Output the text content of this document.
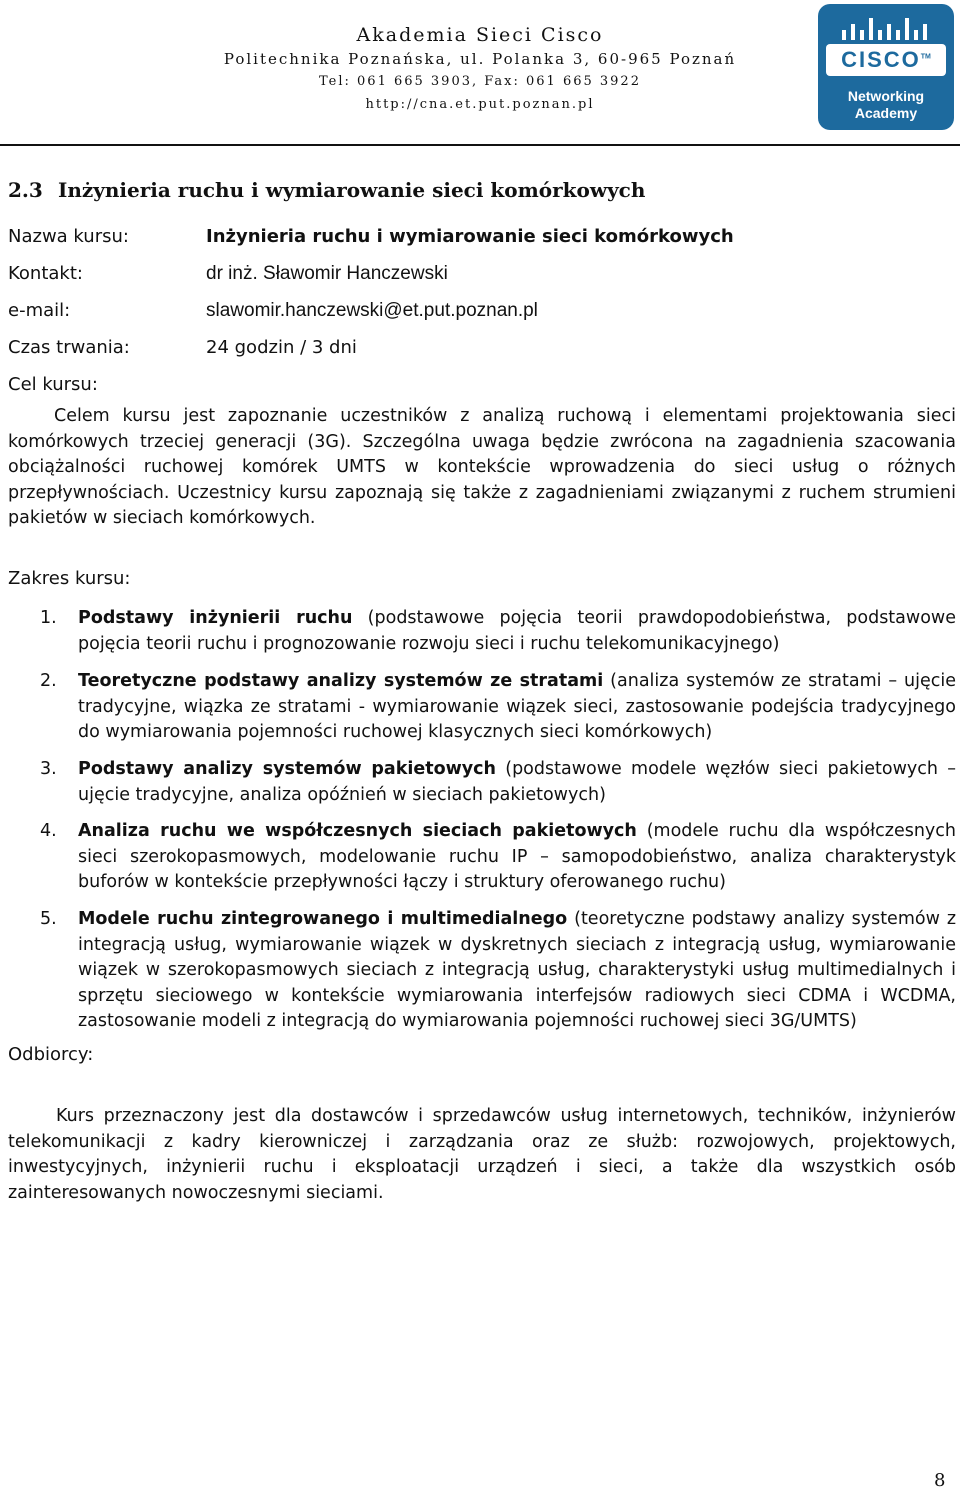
Akademia Sieci Cisco
Politechnika Poznańska, ul. Polanka 3, 60-965 Poznań
Tel: 061 665 3903, Fax: 061 665 3922
http://cna.et.put.poznan.pl
CISCO™
Networking
Academy
2.3 Inżynieria ruchu i wymiarowanie sieci komórkowych
Nazwa kursu:	Inżynieria ruchu i wymiarowanie sieci komórkowych
Kontakt:	dr inż. Sławomir Hanczewski
e-mail:	slawomir.hanczewski@et.put.poznan.pl
Czas trwania:	24 godzin / 3 dni
Cel kursu:
Celem kursu jest zapoznanie uczestników z analizą ruchową i elementami projektowania sieci komórkowych trzeciej generacji (3G). Szczególna uwaga będzie zwrócona na zagadnienia szacowania obciążalności ruchowej komórek UMTS w kontekście wprowadzenia do sieci usług o różnych przepływnościach. Uczestnicy kursu zapoznają się także z zagadnieniami związanymi z ruchem strumieni pakietów w sieciach komórkowych.
Zakres kursu:
1. Podstawy inżynierii ruchu (podstawowe pojęcia teorii prawdopodobieństwa, podstawowe pojęcia teorii ruchu i prognozowanie rozwoju sieci i ruchu telekomunikacyjnego)
2. Teoretyczne podstawy analizy systemów ze stratami (analiza systemów ze stratami – ujęcie tradycyjne, wiązka ze stratami - wymiarowanie wiązek sieci, zastosowanie podejścia tradycyjnego do wymiarowania pojemności ruchowej klasycznych sieci komórkowych)
3. Podstawy analizy systemów pakietowych (podstawowe modele węzłów sieci pakietowych – ujęcie tradycyjne, analiza opóźnień w sieciach pakietowych)
4. Analiza ruchu we współczesnych sieciach pakietowych (modele ruchu dla współczesnych sieci szerokopasmowych, modelowanie ruchu IP – samopodobieństwo, analiza charakterystyk buforów w kontekście przepływności łączy i struktury oferowanego ruchu)
5. Modele ruchu zintegrowanego i multimedialnego (teoretyczne podstawy analizy systemów z integracją usług, wymiarowanie wiązek w dyskretnych sieciach z integracją usług, wymiarowanie wiązek w szerokopasmowych sieciach z integracją usług, charakterystyki usług multimedialnych i sprzętu sieciowego w kontekście wymiarowania interfejsów radiowych sieci CDMA i WCDMA, zastosowanie modeli z integracją do wymiarowania pojemności ruchowej sieci 3G/UMTS)
Odbiorcy:
Kurs przeznaczony jest dla dostawców i sprzedawców usług internetowych, techników, inżynierów telekomunikacji z kadry kierowniczej i zarządzania oraz ze służb: rozwojowych, projektowych, inwestycyjnych, inżynierii ruchu i eksploatacji urządzeń i sieci, a także dla wszystkich osób zainteresowanych nowoczesnymi sieciami.
8
